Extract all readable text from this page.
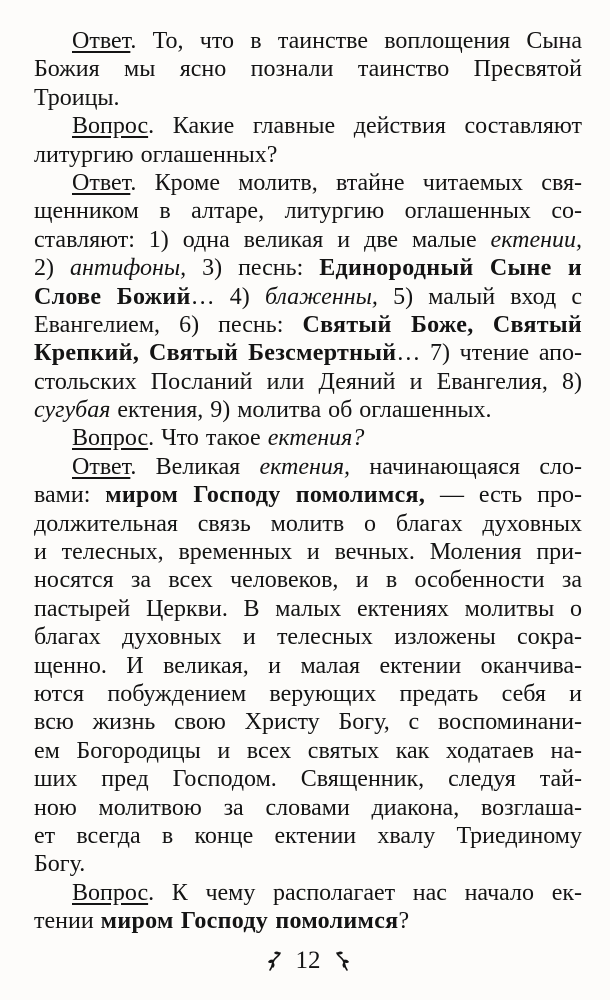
Ответ. То, что в таинстве воплощения Сына
Божия мы ясно познали таинство Пресвятой
Троицы.
Вопрос. Какие главные действия составляют
литургию оглашенных?
Ответ. Кроме молитв, втайне читаемых свя-
щенником в алтаре, литургию оглашенных со-
ставляют: 1) одна великая и две малые ектении,
2) антифоны, 3) песнь: Единородный Сыне и
Слове Божий… 4) блаженны, 5) малый вход с
Евангелием, 6) песнь: Святый Боже, Святый
Крепкий, Святый Безсмертный… 7) чтение апо-
стольских Посланий или Деяний и Евангелия, 8)
сугубая ектения, 9) молитва об оглашенных.
Вопрос. Что такое ектения?
Ответ. Великая ектения, начинающаяся сло-
вами: миром Господу помолимся, — есть про-
должительная связь молитв о благах духовных
и телесных, временных и вечных. Моления при-
носятся за всех человеков, и в особенности за
пастырей Церкви. В малых ектениях молитвы о
благах духовных и телесных изложены сокра-
щенно. И великая, и малая ектении оканчива-
ются побуждением верующих предать себя и
всю жизнь свою Христу Богу, с воспоминани-
ем Богородицы и всех святых как ходатаев на-
ших пред Господом. Священник, следуя тай-
ною молитвою за словами диакона, возглаша-
ет всегда в конце ектении хвалу Триединому
Богу.
Вопрос. К чему располагает нас начало ек-
тении миром Господу помолимся?
12
